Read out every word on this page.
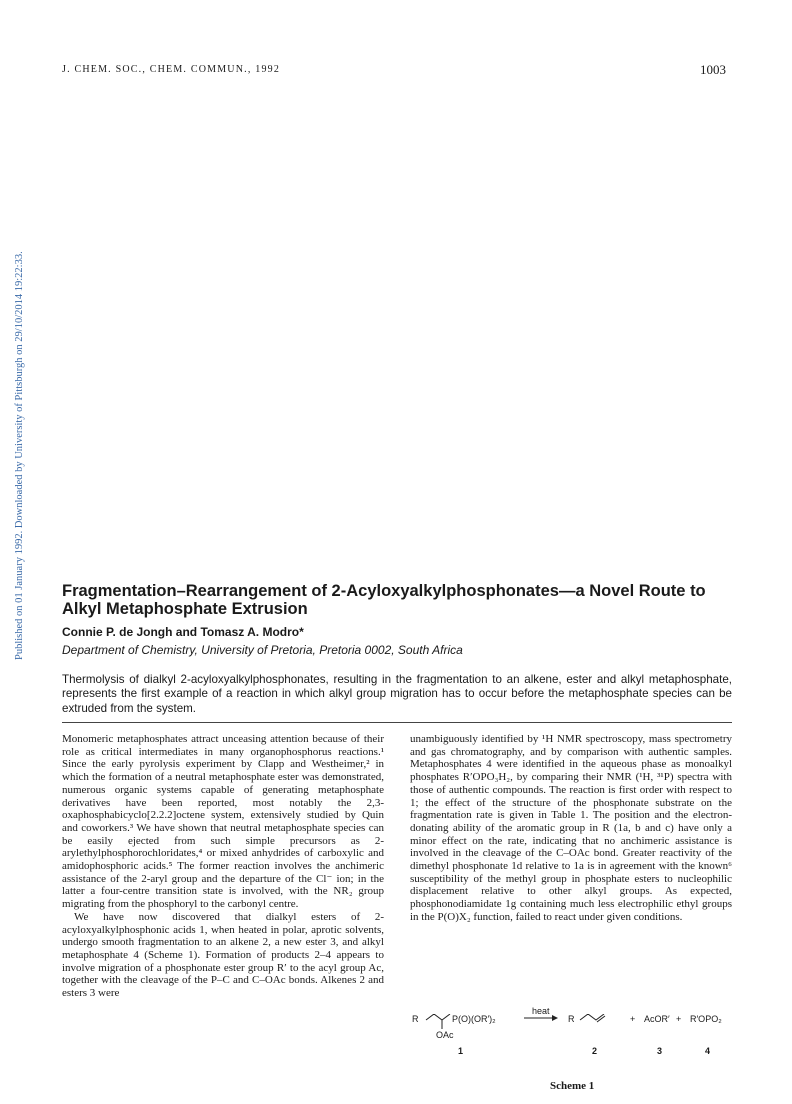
J. CHEM. SOC., CHEM. COMMUN., 1992	1003
Published on 01 January 1992. Downloaded by University of Pittsburgh on 29/10/2014 19:22:33. Fragmentation–Rearrangement of 2-Acyloxyalkylphosphonates—a Novel Route to Alkyl Metaphosphate Extrusion
Connie P. de Jongh and Tomasz A. Modro*
Department of Chemistry, University of Pretoria, Pretoria 0002, South Africa
Thermolysis of dialkyl 2-acyloxyalkylphosphonates, resulting in the fragmentation to an alkene, ester and alkyl metaphosphate, represents the first example of a reaction in which alkyl group migration has to occur before the metaphosphate species can be extruded from the system.

Monomeric metaphosphates attract unceasing attention because of their role as critical intermediates in many organophosphorus reactions.¹ Since the early pyrolysis experiment by Clapp and Westheimer,² in which the formation of a neutral metaphosphate ester was demonstrated, numerous organic systems capable of generating metaphosphate derivatives have been reported, most notably the 2,3-oxaphosphabicyclo[2.2.2]octene system, extensively studied by Quin and coworkers.³ We have shown that neutral metaphosphate species can be easily ejected from such simple precursors as 2-arylethylphosphorochloridates,⁴ or mixed anhydrides of carboxylic and amidophosphoric acids.⁵ The former reaction involves the anchimeric assistance of the 2-aryl group and the departure of the Cl⁻ ion; in the latter a four-centre transition state is involved, with the NR₂ group migrating from the phosphoryl to the carbonyl centre.

We have now discovered that dialkyl esters of 2-acyloxyalkylphosphonic acids 1, when heated in polar, aprotic solvents, undergo smooth fragmentation to an alkene 2, a new ester 3, and alkyl metaphosphate 4 (Scheme 1). Formation of products 2–4 appears to involve migration of a phosphonate ester group R′ to the acyl group Ac, together with the cleavage of the P–C and C–OAc bonds. Alkenes 2 and esters 3 were

unambiguously identified by ¹H NMR spectroscopy, mass spectrometry and gas chromatography, and by comparison with authentic samples. Metaphosphates 4 were identified in the aqueous phase as monoalkyl phosphates R′OPO₃H₂, by comparing their NMR (¹H, ³¹P) spectra with those of authentic compounds. The reaction is first order with respect to 1; the effect of the structure of the phosphonate substrate on the fragmentation rate is given in Table 1. The position and the electron-donating ability of the aromatic group in R (1a, b and c) have only a minor effect on the rate, indicating that no anchimeric assistance is involved in the cleavage of the C–OAc bond. Greater reactivity of the dimethyl phosphonate 1d relative to 1a is in agreement with the known⁶ susceptibility of the methyl group in phosphate esters to nucleophilic displacement relative to other alkyl groups. As expected, phosphonodiamidate 1g containing much less electrophilic ethyl groups in the P(O)X₂ function, failed to react under given conditions.

R	P(O)(OR′)₂
OAc
heat
R	+ AcOR′ + R′OPO₂
1	2	3	4
Scheme 1
